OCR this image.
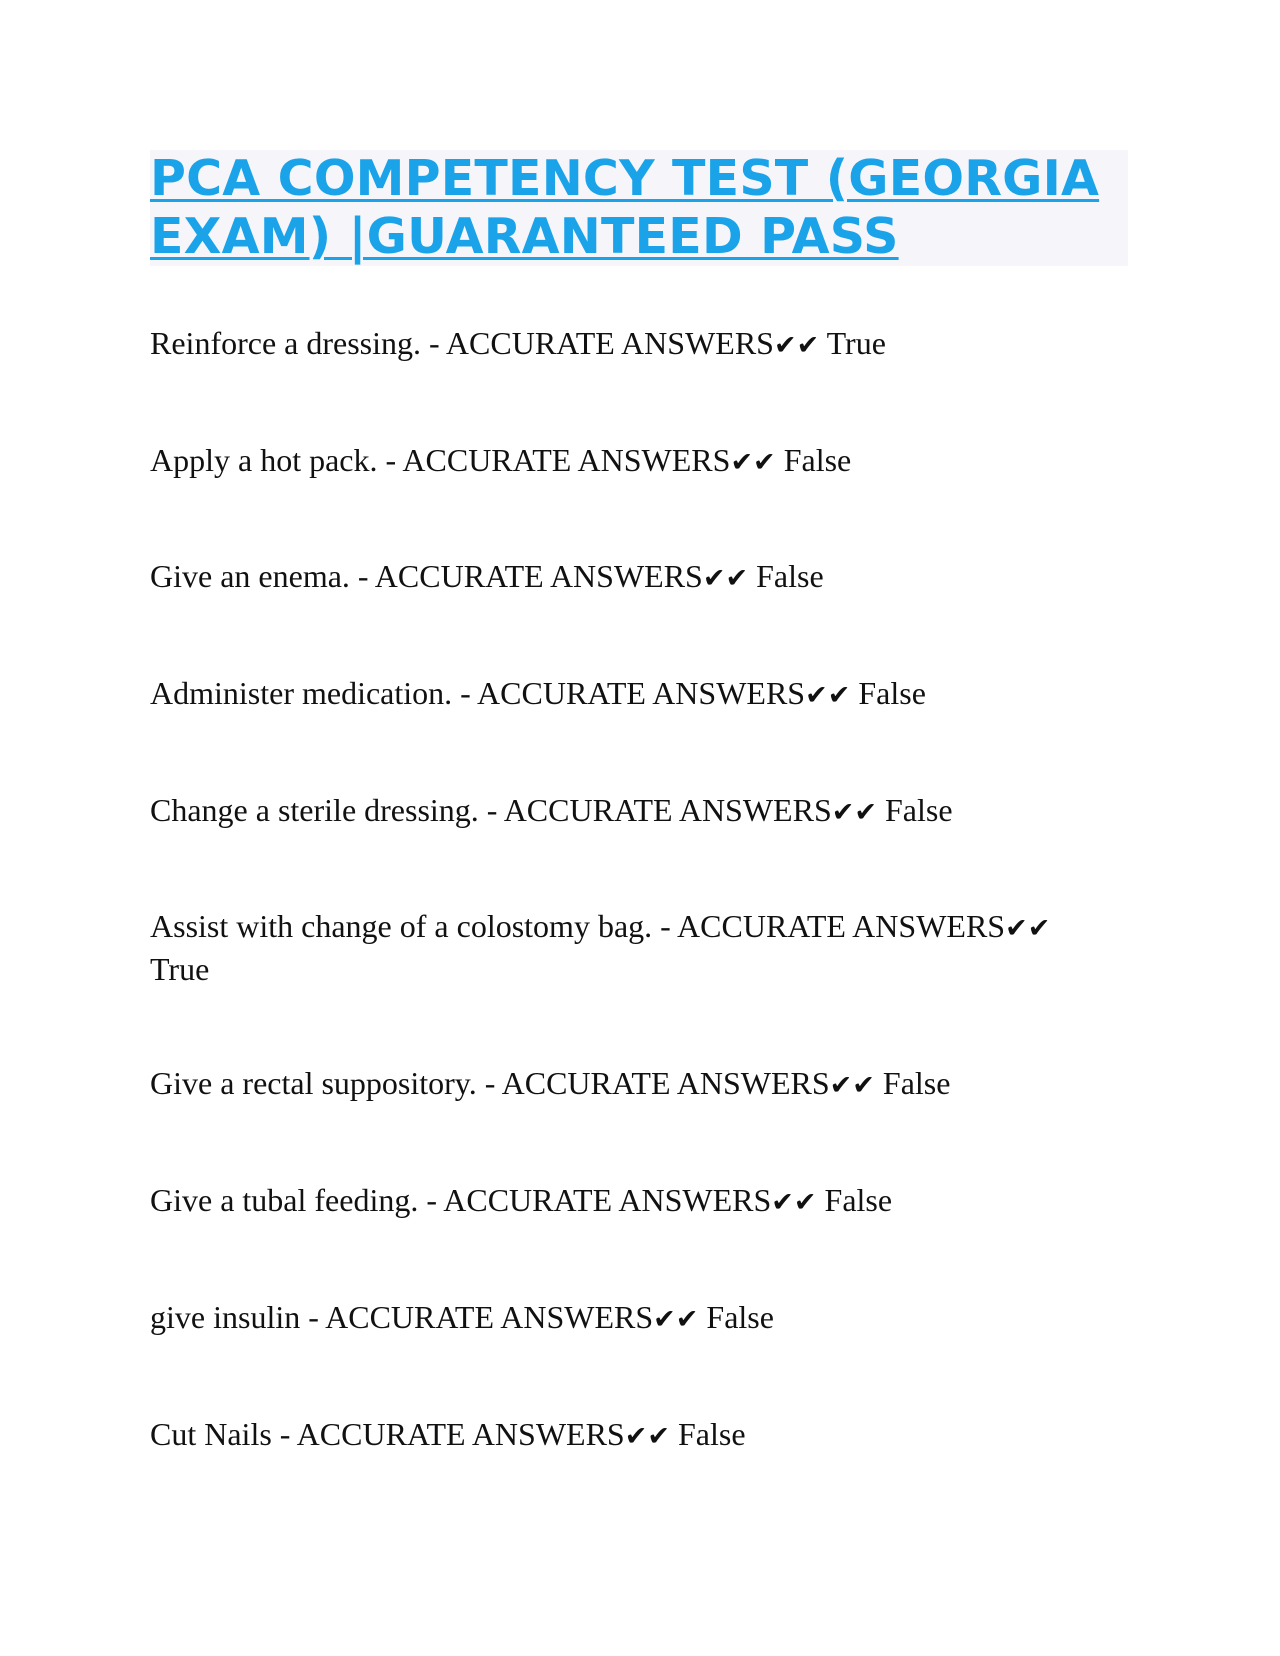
PCA COMPETENCY TEST (GEORGIA
EXAM) |GUARANTEED PASS

Reinforce a dressing. - ACCURATE ANSWERS✔✔ True

Apply a hot pack. - ACCURATE ANSWERS✔✔ False

Give an enema. - ACCURATE ANSWERS✔✔ False

Administer medication. - ACCURATE ANSWERS✔✔ False

Change a sterile dressing. - ACCURATE ANSWERS✔✔ False

Assist with change of a colostomy bag. - ACCURATE ANSWERS✔✔
True

Give a rectal suppository. - ACCURATE ANSWERS✔✔ False

Give a tubal feeding. - ACCURATE ANSWERS✔✔ False

give insulin - ACCURATE ANSWERS✔✔ False

Cut Nails - ACCURATE ANSWERS✔✔ False
